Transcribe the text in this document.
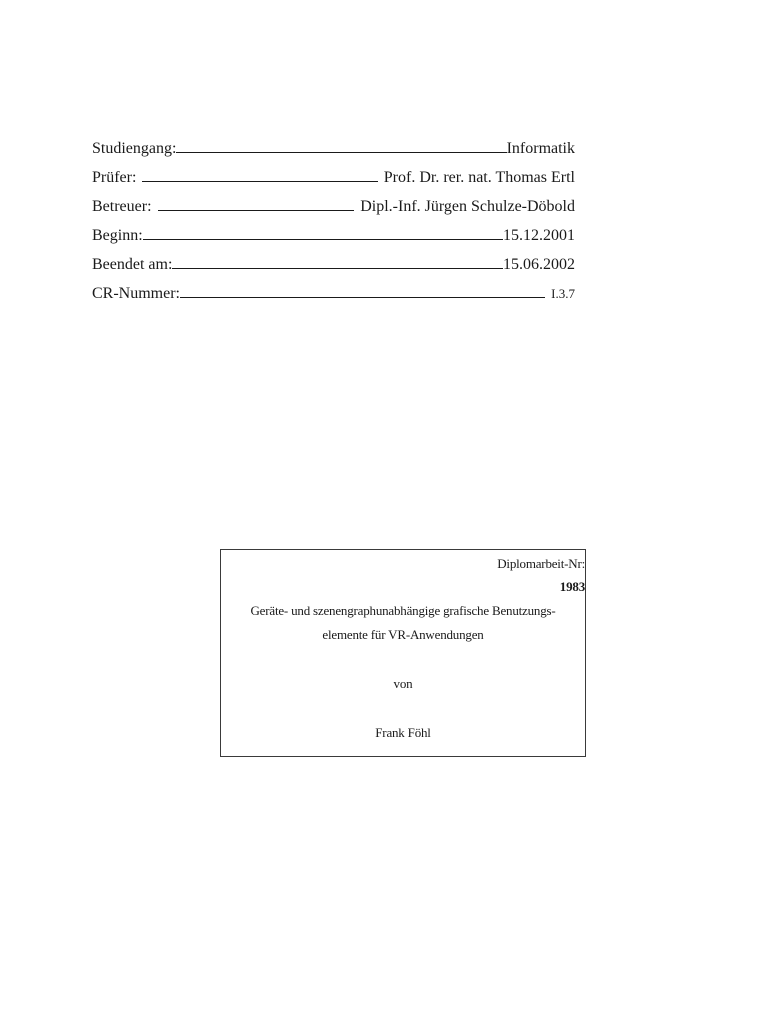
Studiengang:	Informatik
Prüfer:	Prof. Dr. rer. nat. Thomas Ertl
Betreuer:	Dipl.-Inf. Jürgen Schulze-Döbold
Beginn:	15.12.2001
Beendet am:	15.06.2002
CR-Nummer:	I.3.7
Diplomarbeit-Nr:
1983
Geräte- und szenengraphunabhängige grafische Benutzungs-
elemente für VR-Anwendungen
von
Frank Föhl
